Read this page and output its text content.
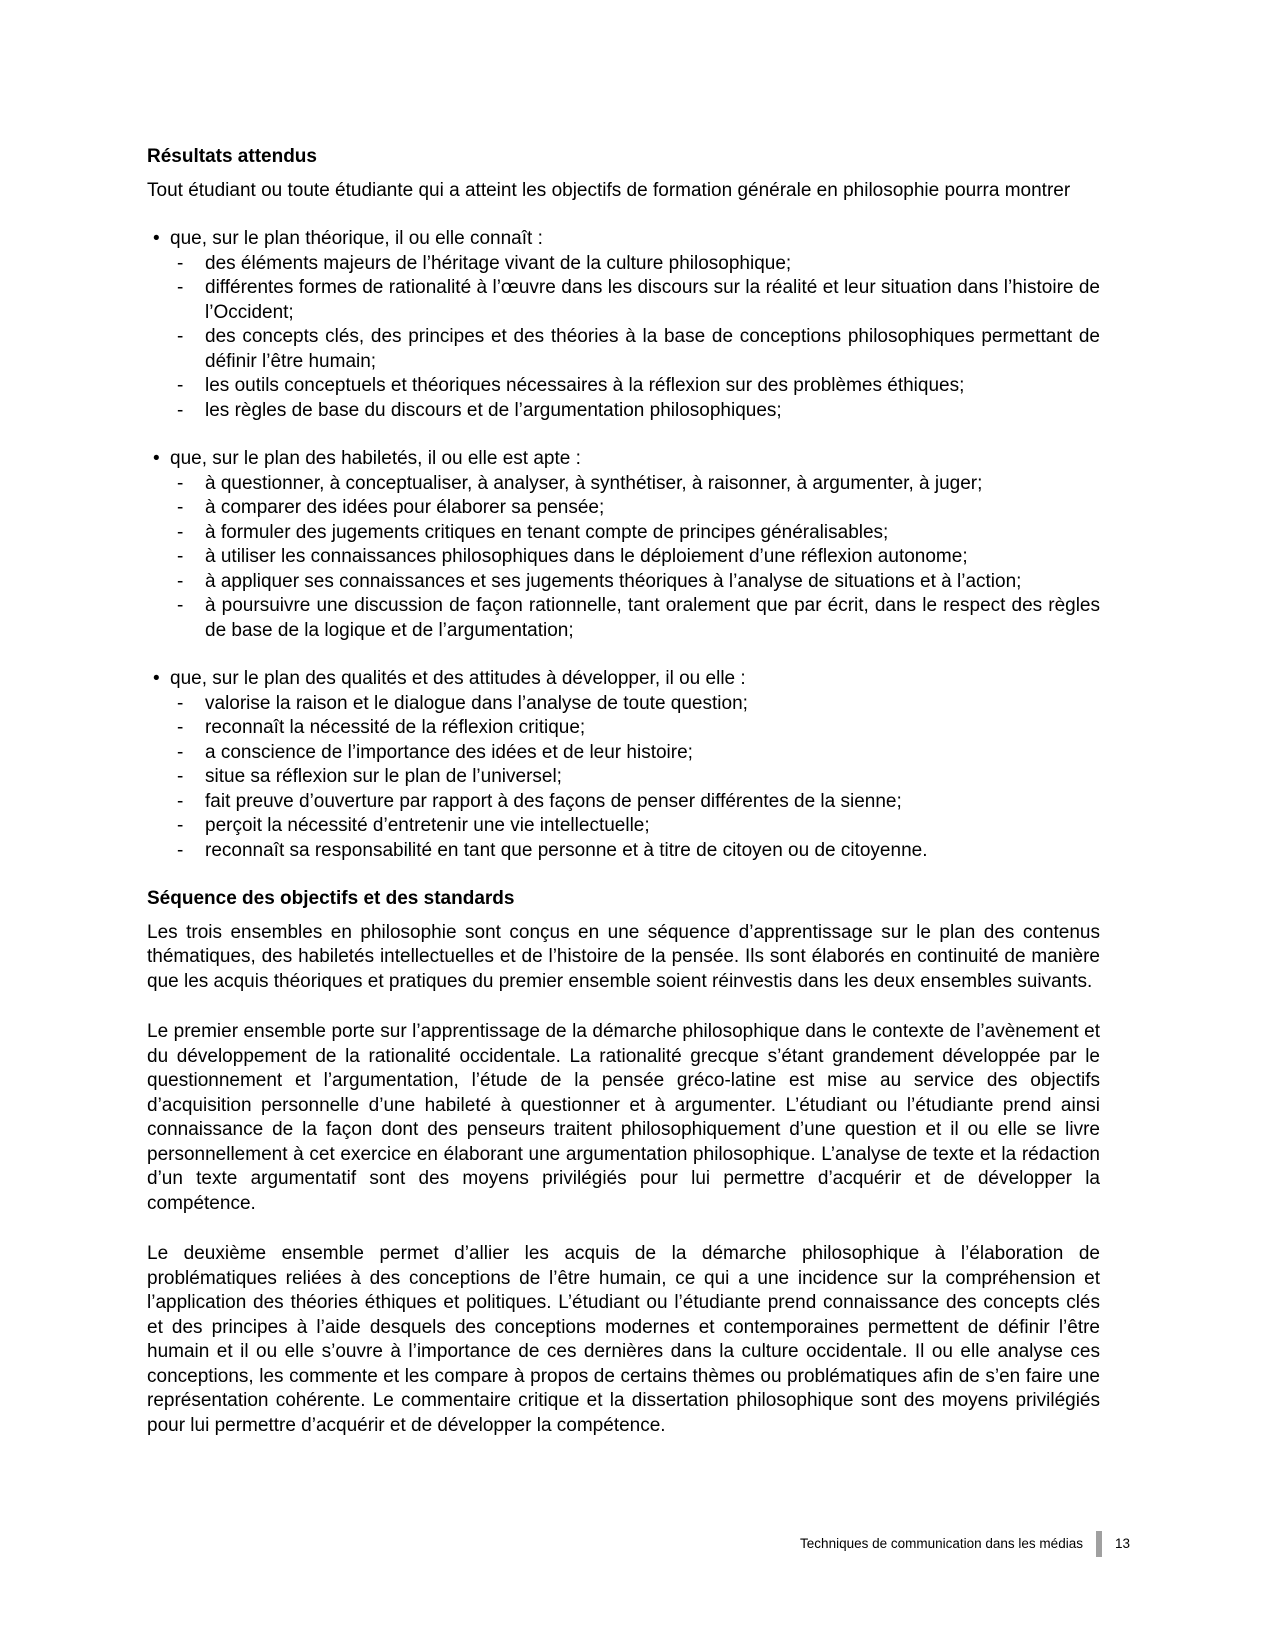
Résultats attendus

Tout étudiant ou toute étudiante qui a atteint les objectifs de formation générale en philosophie pourra montrer

• que, sur le plan théorique, il ou elle connaît :
-	des éléments majeurs de l’héritage vivant de la culture philosophique;
-	différentes formes de rationalité à l’œuvre dans les discours sur la réalité et leur situation dans l’histoire de l’Occident;
-	des concepts clés, des principes et des théories à la base de conceptions philosophiques permettant de définir l’être humain;
-	les outils conceptuels et théoriques nécessaires à la réflexion sur des problèmes éthiques;
-	les règles de base du discours et de l’argumentation philosophiques;
• que, sur le plan des habiletés, il ou elle est apte :
-	à questionner, à conceptualiser, à analyser, à synthétiser, à raisonner, à argumenter, à juger;
-	à comparer des idées pour élaborer sa pensée;
-	à formuler des jugements critiques en tenant compte de principes généralisables;
-	à utiliser les connaissances philosophiques dans le déploiement d’une réflexion autonome;
-	à appliquer ses connaissances et ses jugements théoriques à l’analyse de situations et à l’action;
-	à poursuivre une discussion de façon rationnelle, tant oralement que par écrit, dans le respect des règles de base de la logique et de l’argumentation;
• que, sur le plan des qualités et des attitudes à développer, il ou elle :
-	valorise la raison et le dialogue dans l’analyse de toute question;
-	reconnaît la nécessité de la réflexion critique;
-	a conscience de l’importance des idées et de leur histoire;
-	situe sa réflexion sur le plan de l’universel;
-	fait preuve d’ouverture par rapport à des façons de penser différentes de la sienne;
-	perçoit la nécessité d’entretenir une vie intellectuelle;
-	reconnaît sa responsabilité en tant que personne et à titre de citoyen ou de citoyenne.
Séquence des objectifs et des standards

Les trois ensembles en philosophie sont conçus en une séquence d’apprentissage sur le plan des contenus thématiques, des habiletés intellectuelles et de l’histoire de la pensée. Ils sont élaborés en continuité de manière que les acquis théoriques et pratiques du premier ensemble soient réinvestis dans les deux ensembles suivants.

Le premier ensemble porte sur l’apprentissage de la démarche philosophique dans le contexte de l’avènement et du développement de la rationalité occidentale. La rationalité grecque s’étant grandement développée par le questionnement et l’argumentation, l’étude de la pensée gréco-latine est mise au service des objectifs d’acquisition personnelle d’une habileté à questionner et à argumenter. L’étudiant ou l’étudiante prend ainsi connaissance de la façon dont des penseurs traitent philosophiquement d’une question et il ou elle se livre personnellement à cet exercice en élaborant une argumentation philosophique. L’analyse de texte et la rédaction d’un texte argumentatif sont des moyens privilégiés pour lui permettre d’acquérir et de développer la compétence.

Le deuxième ensemble permet d’allier les acquis de la démarche philosophique à l’élaboration de problématiques reliées à des conceptions de l’être humain, ce qui a une incidence sur la compréhension et l’application des théories éthiques et politiques. L’étudiant ou l’étudiante prend connaissance des concepts clés et des principes à l’aide desquels des conceptions modernes et contemporaines permettent de définir l’être humain et il ou elle s’ouvre à l’importance de ces dernières dans la culture occidentale. Il ou elle analyse ces conceptions, les commente et les compare à propos de certains thèmes ou problématiques afin de s’en faire une représentation cohérente. Le commentaire critique et la dissertation philosophique sont des moyens privilégiés pour lui permettre d’acquérir et de développer la compétence.

Techniques de communication dans les médias 13
